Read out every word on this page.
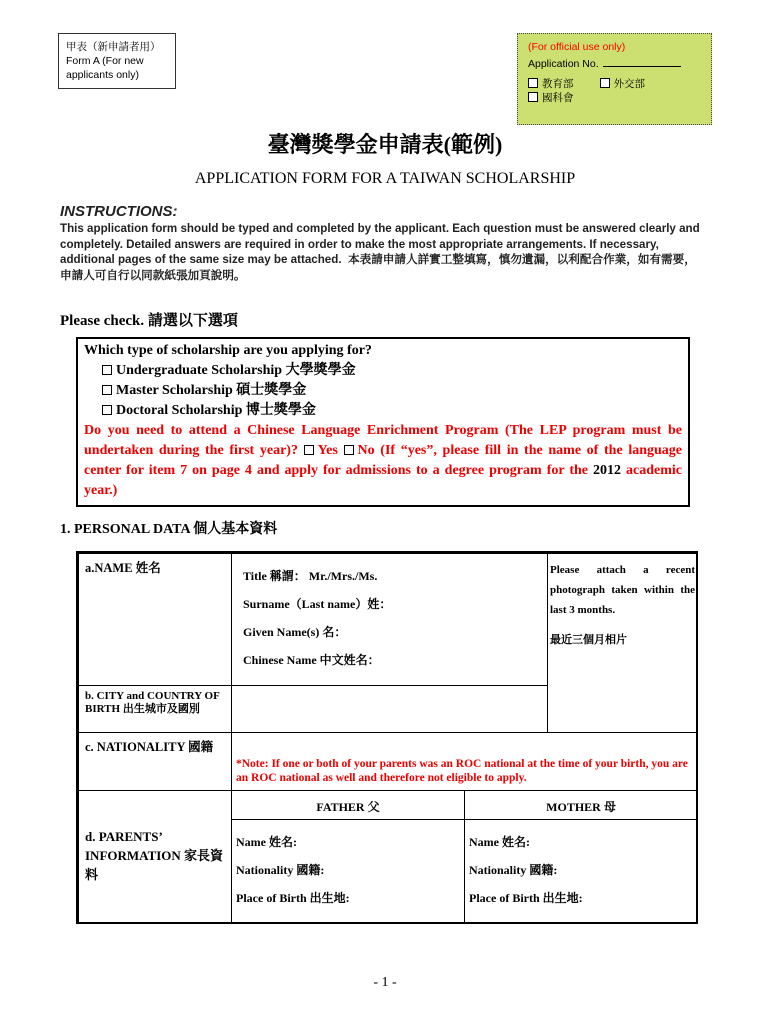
甲表（新申請者用）
Form A (For new
applicants only)
(For official use only)
Application No.
教育部	外交部
國科會
臺灣獎學金申請表(範例)
APPLICATION FORM FOR A TAIWAN SCHOLARSHIP
INSTRUCTIONS:
This application form should be typed and completed by the applicant. Each question must be answered clearly and completely. Detailed answers are required in order to make the most appropriate arrangements. If necessary, additional pages of the same size may be attached. 本表請申請人詳實工整填寫，慎勿遺漏，以利配合作業，如有需要，申請人可自行以同款紙張加頁說明。
Please check. 請選以下選項
Which type of scholarship are you applying for?
Undergraduate Scholarship 大學獎學金
Master Scholarship 碩士獎學金
Doctoral Scholarship 博士獎學金
Do you need to attend a Chinese Language Enrichment Program (The LEP program must be undertaken during the first year)? Yes No (If “yes”, please fill in the name of the language center for item 7 on page 4 and apply for admissions to a degree program for the 2012 academic year.)
1. PERSONAL DATA 個人基本資料
a.NAME 姓名
Title 稱謂： Mr./Mrs./Ms.
Surname（Last name）姓：
Given Name(s) 名：
Chinese Name 中文姓名：
Please attach a recent photograph taken within the last 3 months.
最近三個月相片
b. CITY and COUNTRY OF BIRTH 出生城市及國別
c. NATIONALITY 國籍
*Note: If one or both of your parents was an ROC national at the time of your birth, you are an ROC national as well and therefore not eligible to apply.
d. PARENTS’ INFORMATION 家長資料
FATHER 父	MOTHER 母
Name 姓名:
Nationality 國籍:
Place of Birth 出生地:
Name 姓名:
Nationality 國籍:
Place of Birth 出生地:
- 1 -
